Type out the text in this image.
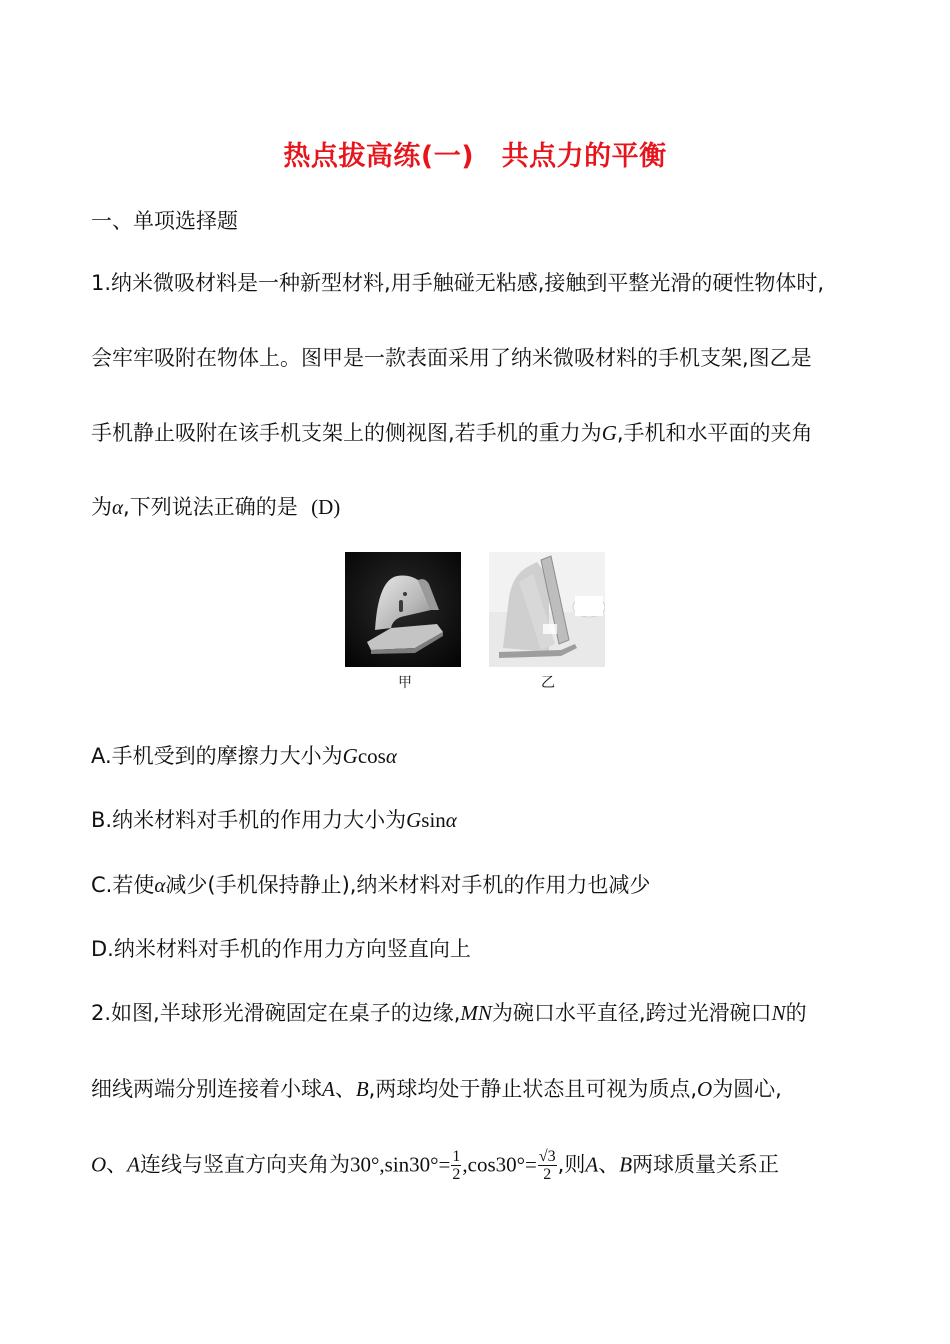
热点拔高练(一)　共点力的平衡
一、单项选择题
1.纳米微吸材料是一种新型材料,用手触碰无粘感,接触到平整光滑的硬性物体时,
会牢牢吸附在物体上。图甲是一款表面采用了纳米微吸材料的手机支架,图乙是
手机静止吸附在该手机支架上的侧视图,若手机的重力为G,手机和水平面的夹角
为α,下列说法正确的是 (D)
甲	乙
A.手机受到的摩擦力大小为Gcosα
B.纳米材料对手机的作用力大小为Gsinα
C.若使α减少(手机保持静止),纳米材料对手机的作用力也减少
D.纳米材料对手机的作用力方向竖直向上
2.如图,半球形光滑碗固定在桌子的边缘,MN为碗口水平直径,跨过光滑碗口N的
细线两端分别连接着小球A、B,两球均处于静止状态且可视为质点,O为圆心,
O、A连线与竖直方向夹角为$30^\circ,\sin 30^\circ= \frac{1}{2} ,\cos 30^\circ= \frac{√3}{2}$ ,则A、B两球质量关系正
